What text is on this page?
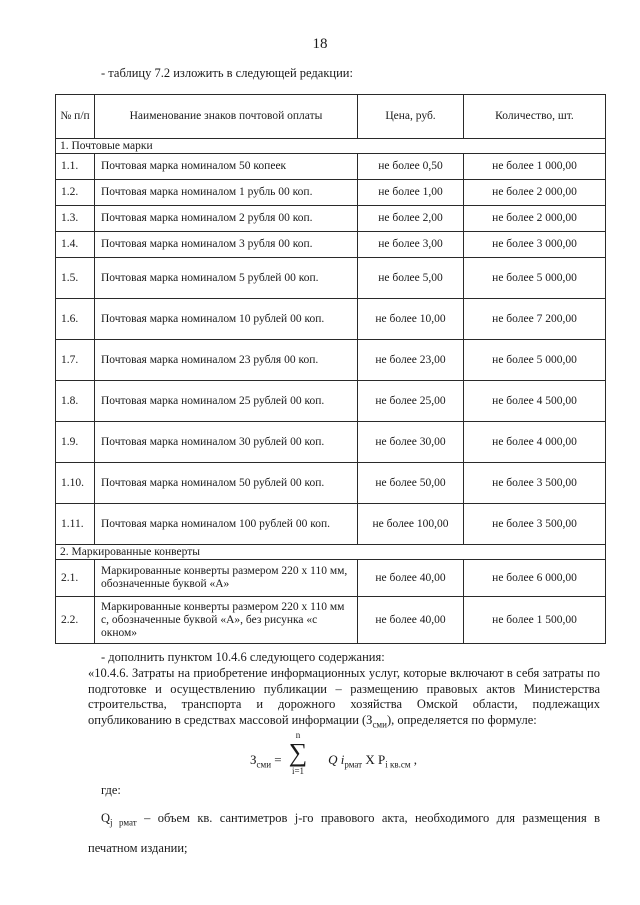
18
- таблицу 7.2 изложить в следующей редакции:
№ п/п	Наименование знаков почтовой оплаты	Цена, руб.	Количество, шт.
1. Почтовые марки			
1.1.	Почтовая марка номиналом 50 копеек	не более 0,50	не более 1 000,00
1.2.	Почтовая марка номиналом 1 рубль 00 коп.	не более 1,00	не более 2 000,00
1.3.	Почтовая марка номиналом 2 рубля 00 коп.	не более 2,00	не более 2 000,00
1.4.	Почтовая марка номиналом 3 рубля 00 коп.	не более 3,00	не более 3 000,00
1.5.	Почтовая марка номиналом 5 рублей 00 коп.	не более 5,00	не более 5 000,00
1.6.	Почтовая марка номиналом 10 рублей 00 коп.	не более 10,00	не более 7 200,00
1.7.	Почтовая марка номиналом 23 рубля 00 коп.	не более 23,00	не более 5 000,00
1.8.	Почтовая марка номиналом 25 рублей 00 коп.	не более 25,00	не более 4 500,00
1.9.	Почтовая марка номиналом 30 рублей 00 коп.	не более 30,00	не более 4 000,00
1.10.	Почтовая марка номиналом 50 рублей 00 коп.	не более 50,00	не более 3 500,00
1.11.	Почтовая марка номиналом 100 рублей 00 коп.	не более 100,00	не более 3 500,00
2. Маркированные конверты			
2.1.	Маркированные конверты размером 220 х 110 мм, обозначенные буквой «А»	не более 40,00	не более 6 000,00
2.2.	Маркированные конверты размером 220 х 110 мм с, обозначенные буквой «А», без рисунка «с окном»	не более 40,00	не более 1 500,00
- дополнить пунктом 10.4.6 следующего содержания:
«10.4.6. Затраты на приобретение информационных услуг, которые включают в себя затраты по подготовке и осуществлению публикации – размещению правовых актов Министерства строительства, транспорта и дорожного хозяйства Омской области, подлежащих опубликованию в средствах массовой информации $(З_{сми})$, определяется по формуле:
$З_{сми}$ =
n
∑
i=1
Q $i_{рмат}$ X $P_{i кв.см}$ ,
где:
$Q_{j рмат}$ – объем кв. сантиметров j-го правового акта, необходимого для размещения в печатном издании;
